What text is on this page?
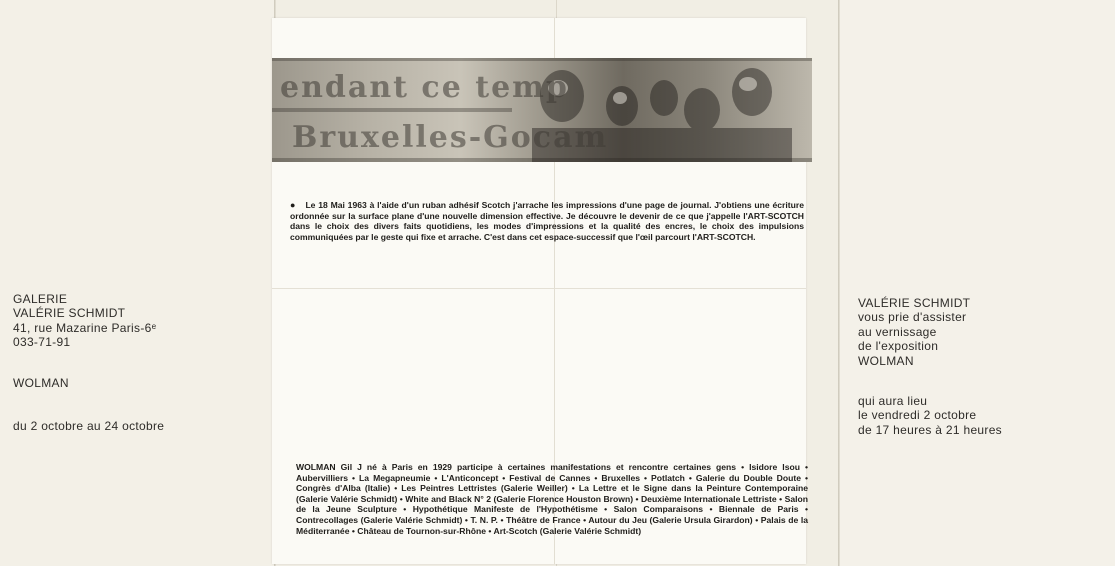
GALERIE
VALÉRIE SCHMIDT
41, rue Mazarine Paris-6ᵉ
033-71-91
WOLMAN
du 2 octobre au 24 octobre
endant ce temp
Bruxelles-Gocam
● Le 18 Mai 1963 à l'aide d'un ruban adhésif Scotch j'arrache les impressions d'une page de journal. J'obtiens une écriture ordonnée sur la surface plane d'une nouvelle dimension effective. Je découvre le devenir de ce que j'appelle l'ART-SCOTCH dans le choix des divers faits quotidiens, les modes d'impressions et la qualité des encres, le choix des impulsions communiquées par le geste qui fixe et arrache. C'est dans cet espace-successif que l'œil parcourt l'ART-SCOTCH.
WOLMAN Gil J né à Paris en 1929 participe à certaines manifestations et rencontre certaines gens • Isidore Isou • Aubervilliers • La Megapneumie • L'Anticoncept • Festival de Cannes • Bruxelles • Potlatch • Galerie du Double Doute • Congrès d'Alba (Italie) • Les Peintres Lettristes (Galerie Weiller) • La Lettre et le Signe dans la Peinture Contemporaine (Galerie Valérie Schmidt) • White and Black N° 2 (Galerie Florence Houston Brown) • Deuxième Internationale Lettriste • Salon de la Jeune Sculpture • Hypothétique Manifeste de l'Hypothétisme • Salon Comparaisons • Biennale de Paris • Contrecollages (Galerie Valérie Schmidt) • T. N. P. • Théâtre de France • Autour du Jeu (Galerie Ursula Girardon) • Palais de la Méditerranée • Château de Tournon-sur-Rhône • Art-Scotch (Galerie Valérie Schmidt)
VALÉRIE SCHMIDT
vous prie d'assister
au vernissage
de l'exposition
WOLMAN
qui aura lieu
le vendredi 2 octobre
de 17 heures à 21 heures
